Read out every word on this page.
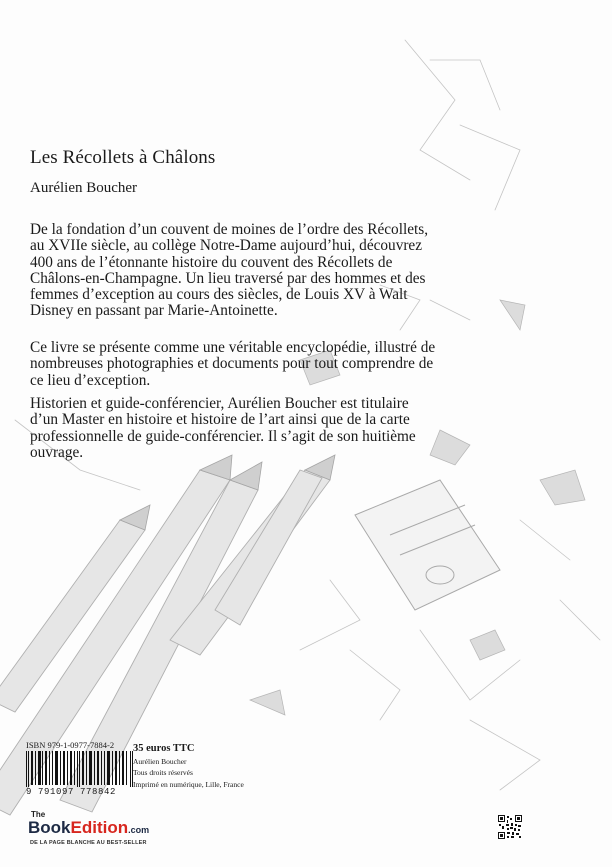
Les Récollets à Châlons

Aurélien Boucher

De la fondation d’un couvent de moines de l’ordre des Récollets, au XVIIe siècle, au collège Notre-Dame aujourd’hui, découvrez 400 ans de l’étonnante histoire du couvent des Récollets de Châlons-en-Champagne. Un lieu traversé par des hommes et des femmes d’exception au cours des siècles, de Louis XV à Walt Disney en passant par Marie-Antoinette.

Ce livre se présente comme une véritable encyclopédie, illustré de nombreuses photographies et documents pour tout comprendre de ce lieu d’exception.

Historien et guide-conférencier, Aurélien Boucher est titulaire d’un Master en histoire et histoire de l’art ainsi que de la carte professionnelle de guide-conférencier. Il s’agit de son huitième ouvrage.

ISBN 979-1-0977-7884-2

9 791097 778842

35 euros TTC

Aurélien Boucher

Tous droits réservés

Imprimé en numérique, Lille, France

The

BookEdition.com

DE LA PAGE BLANCHE AU BEST-SELLER
